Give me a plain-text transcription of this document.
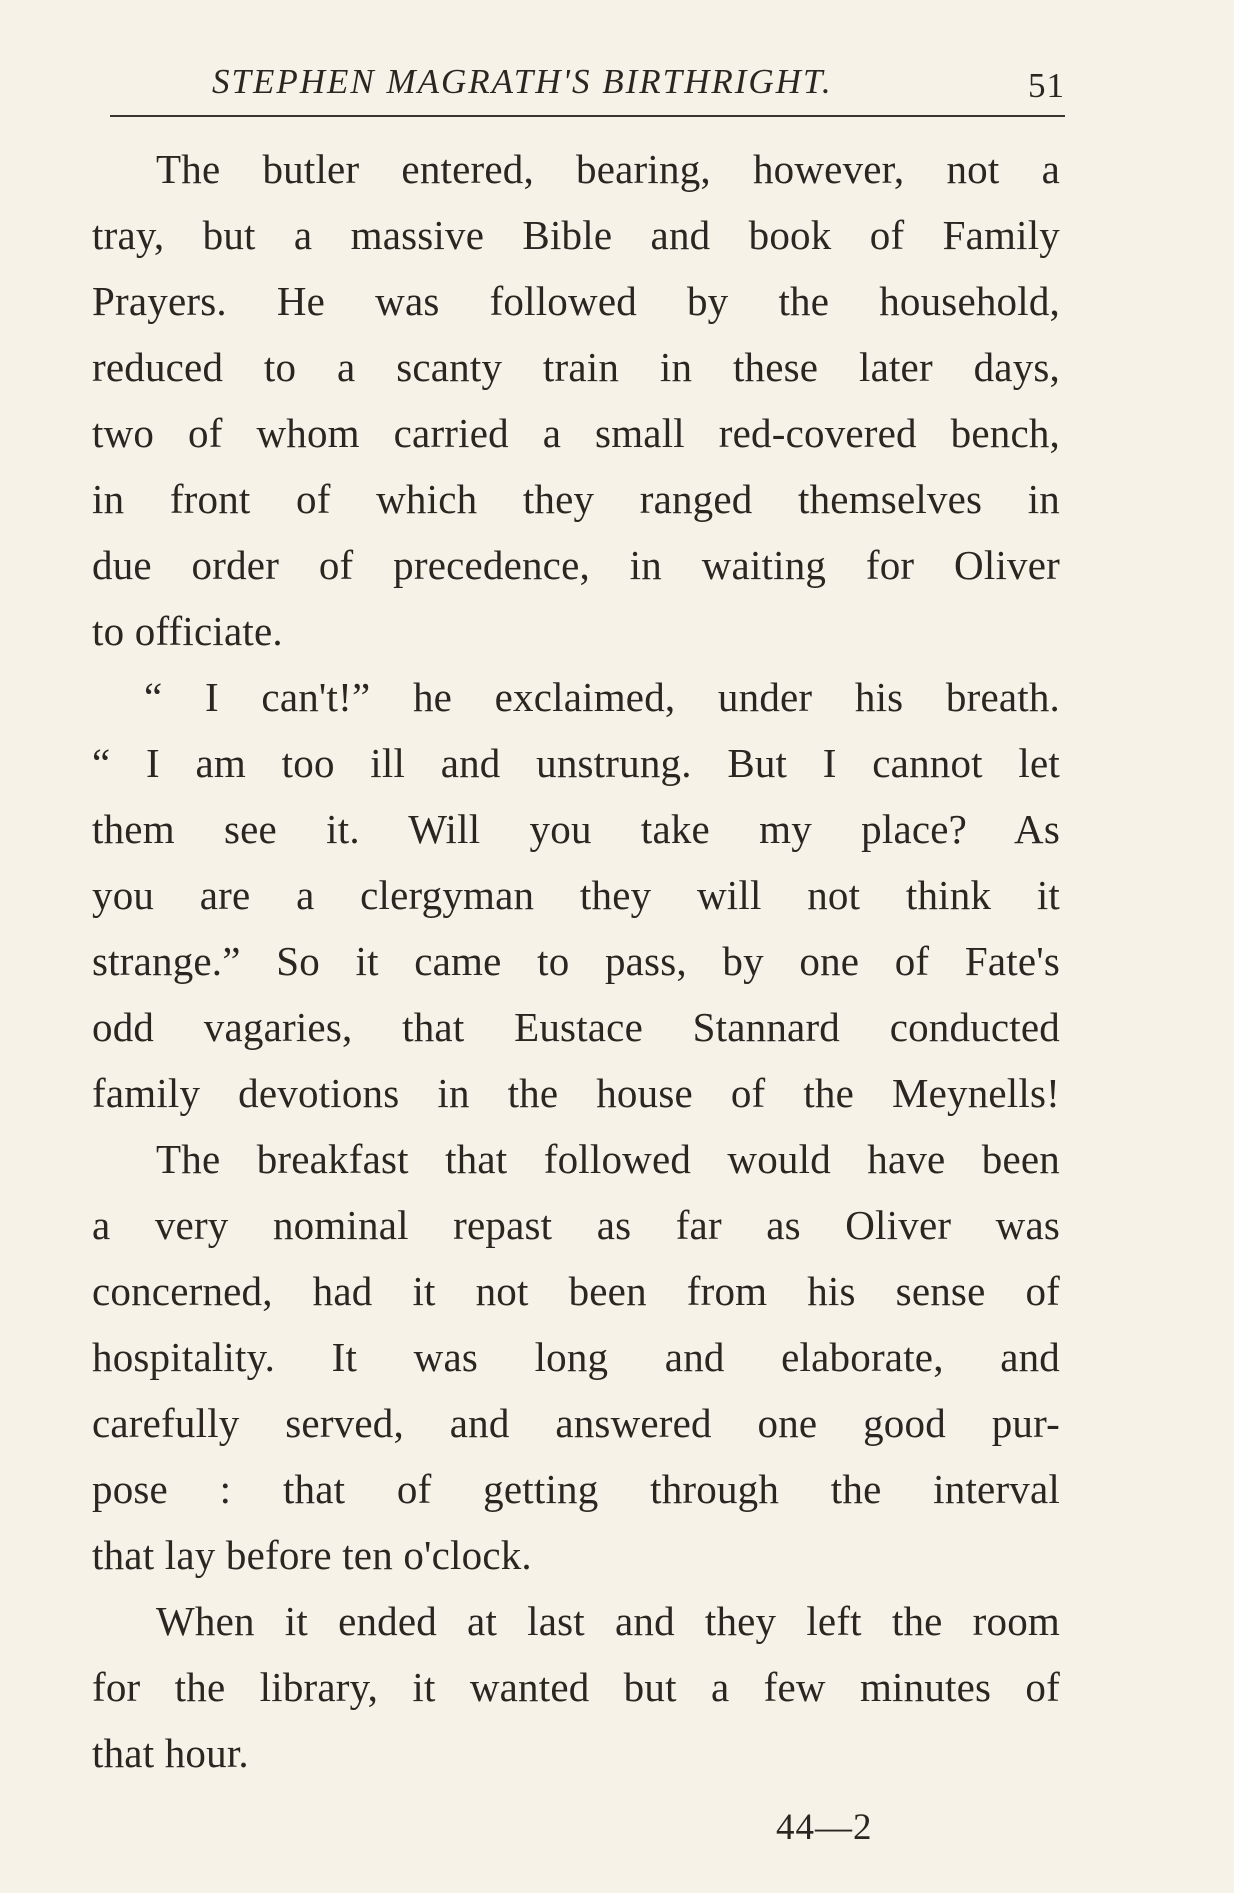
STEPHEN MAGRATH'S BIRTHRIGHT.	51
The butler entered, bearing, however, not a
tray, but a massive Bible and book of Family
Prayers. He was followed by the household,
reduced to a scanty train in these later days,
two of whom carried a small red-covered bench,
in front of which they ranged themselves in
due order of precedence, in waiting for Oliver
to officiate.
“ I can't!” he exclaimed, under his breath.
“ I am too ill and unstrung. But I cannot let
them see it. Will you take my place? As
you are a clergyman they will not think it
strange.” So it came to pass, by one of Fate's
odd vagaries, that Eustace Stannard conducted
family devotions in the house of the Meynells!
The breakfast that followed would have been
a very nominal repast as far as Oliver was
concerned, had it not been from his sense of
hospitality. It was long and elaborate, and
carefully served, and answered one good pur-
pose : that of getting through the interval
that lay before ten o'clock.
When it ended at last and they left the room
for the library, it wanted but a few minutes of
that hour.
44—2
